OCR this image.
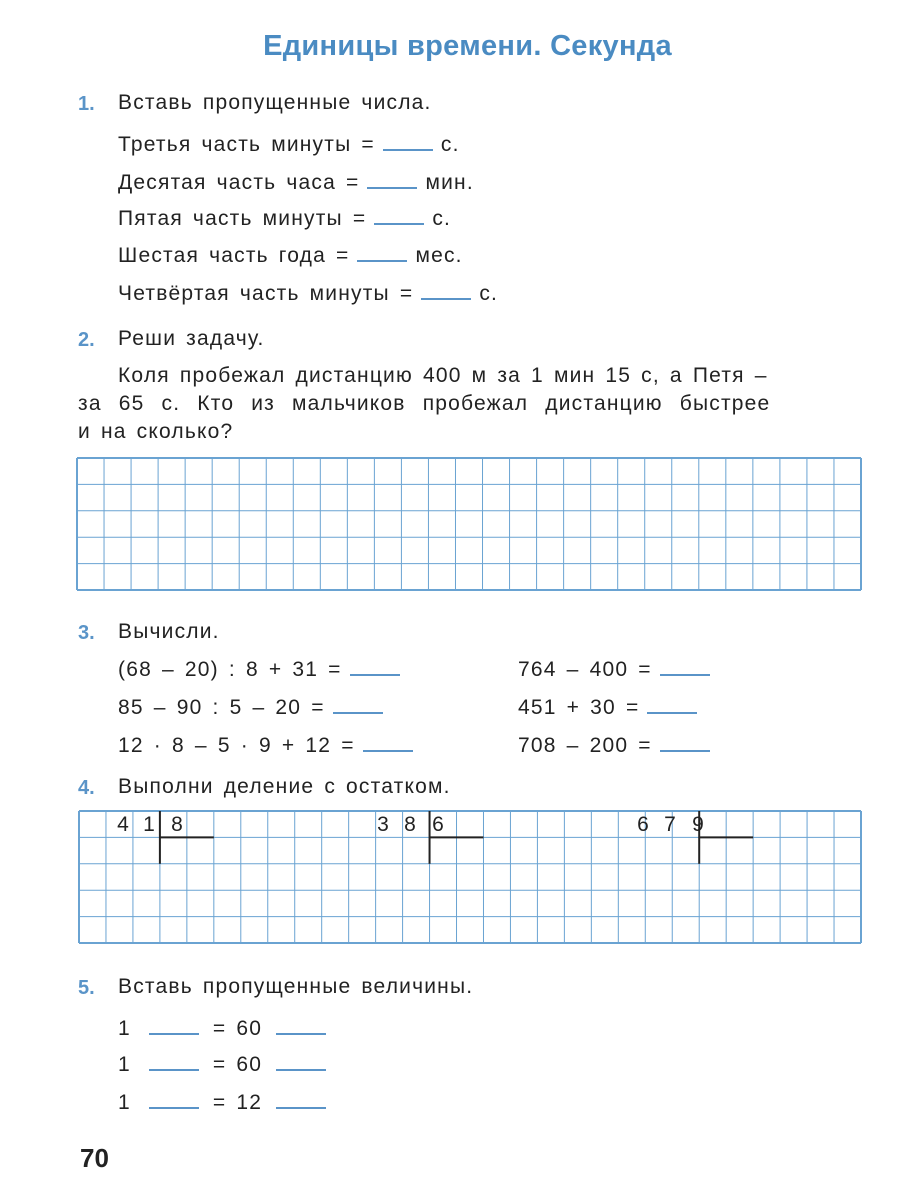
Единицы времени. Секунда
1. Вставь пропущенные числа.
Третья часть минуты =	с.
Десятая часть часа =	мин.
Пятая часть минуты =	с.
Шестая часть года =	мес.
Четвёртая часть минуты =	с.
2. Реши задачу.
Коля пробежал дистанцию 400 м за 1 мин 15 с, а Петя –
за 65 с. Кто из мальчиков пробежал дистанцию быстрее
и на сколько?
3. Вычисли.
(68 – 20) : 8 + 31 =
85 – 90 : 5 – 20 =
12 · 8 – 5 · 9 + 12 =
764 – 400 =
451 + 30 =
708 – 200 =
4. Выполни деление с остатком.
4 1 8	3 8 6	6 7 9
5. Вставь пропущенные величины.
1	= 60
1	= 60
1	= 12
70
